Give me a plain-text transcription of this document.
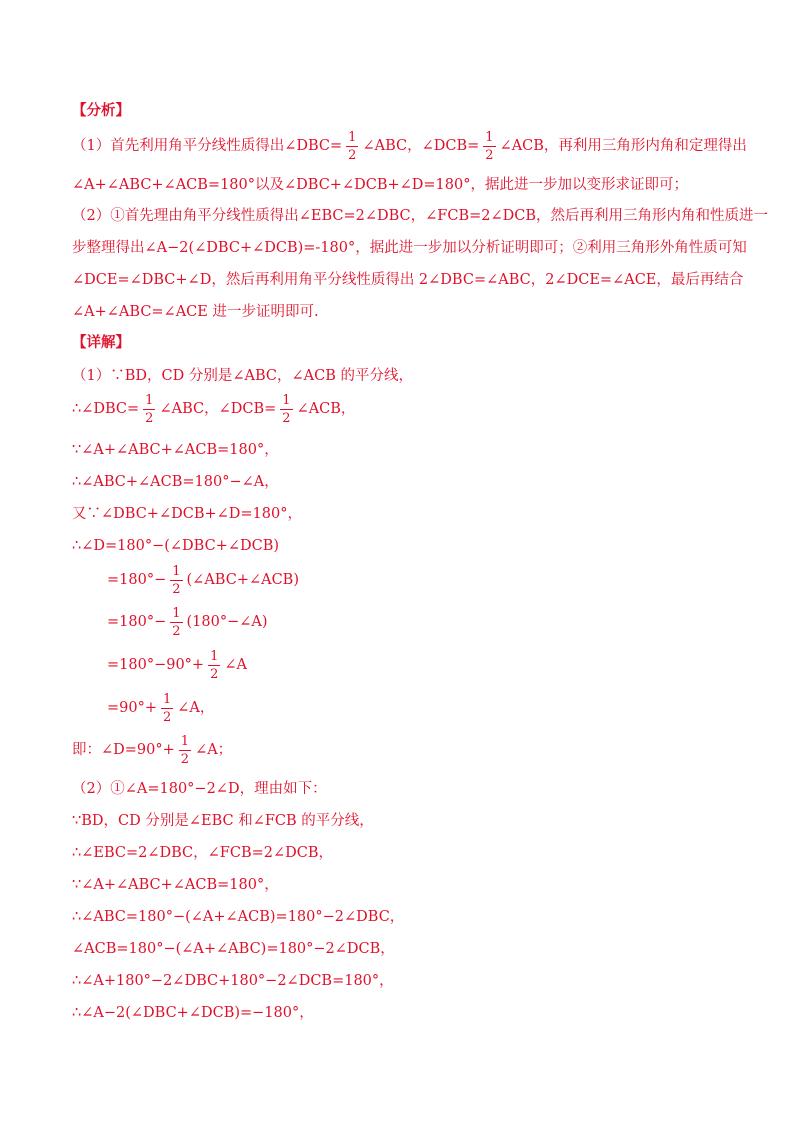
【分析】
（1）首先利用角平分线性质得出∠DBC= $\frac{1}{2}$ ∠ABC，∠DCB= $\frac{1}{2}$ ∠ACB，再利用三角形内角和定理得出
∠A+∠ABC+∠ACB=180°以及∠DBC+∠DCB+∠D=180°，据此进一步加以变形求证即可；
（2）①首先理由角平分线性质得出∠EBC=2∠DBC，∠FCB=2∠DCB，然后再利用三角形内角和性质进一
步整理得出∠A−2(∠DBC+∠DCB)=-180°，据此进一步加以分析证明即可；②利用三角形外角性质可知
∠DCE=∠DBC+∠D，然后再利用角平分线性质得出 2∠DBC=∠ABC，2∠DCE=∠ACE，最后再结合
∠A+∠ABC=∠ACE 进一步证明即可.
【详解】
（1）∵BD，CD 分别是∠ABC，∠ACB 的平分线，
∴∠DBC= $\frac{1}{2}$ ∠ABC，∠DCB= $\frac{1}{2}$ ∠ACB，
∵∠A+∠ABC+∠ACB=180°，
∴∠ABC+∠ACB=180°−∠A，
又∵∠DBC+∠DCB+∠D=180°，
∴∠D=180°−(∠DBC+∠DCB)
$=180^\circ- \frac{1}{2}$ (∠ABC+∠ACB)
$=180^\circ- \frac{1}{2}$ (180°−∠A)
$=180^\circ-90^\circ+ \frac{1}{2}$ ∠A
$=90^\circ+ \frac{1}{2}$ ∠A，
即：∠D=90°+ $\frac{1}{2}$ ∠A；
（2）①∠A=180°−2∠D，理由如下：
∵BD，CD 分别是∠EBC 和∠FCB 的平分线，
∴∠EBC=2∠DBC，∠FCB=2∠DCB，
∵∠A+∠ABC+∠ACB=180°，
∴∠ABC=180°−(∠A+∠ACB)=180°−2∠DBC，
∠ACB=180°−(∠A+∠ABC)=180°−2∠DCB，
∴∠A+180°−2∠DBC+180°−2∠DCB=180°，
∴∠A−2(∠DBC+∠DCB)=−180°，
